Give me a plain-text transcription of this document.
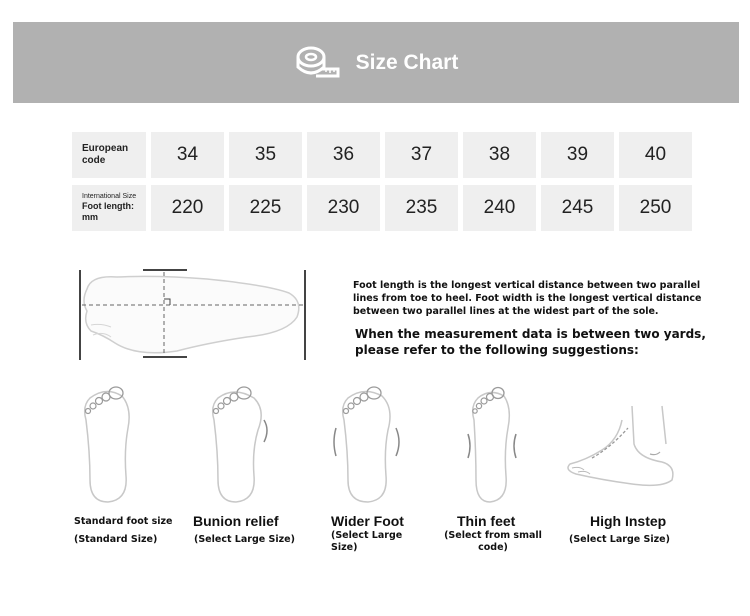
Size Chart
European code	34	35	36	37	38	39	40
International Size
Foot length: mm	220	225	230	235	240	245	250
Foot length is the longest vertical distance between two parallel lines from toe to heel. Foot width is the longest vertical distance between two parallel lines at the widest part of the sole.
When the measurement data is between two yards, please refer to the following suggestions:
Standard foot size
(Standard Size)
Bunion relief
(Select Large Size)
Wider Foot
(Select Large Size)
Thin feet
(Select from small code)
High Instep
(Select Large Size)
